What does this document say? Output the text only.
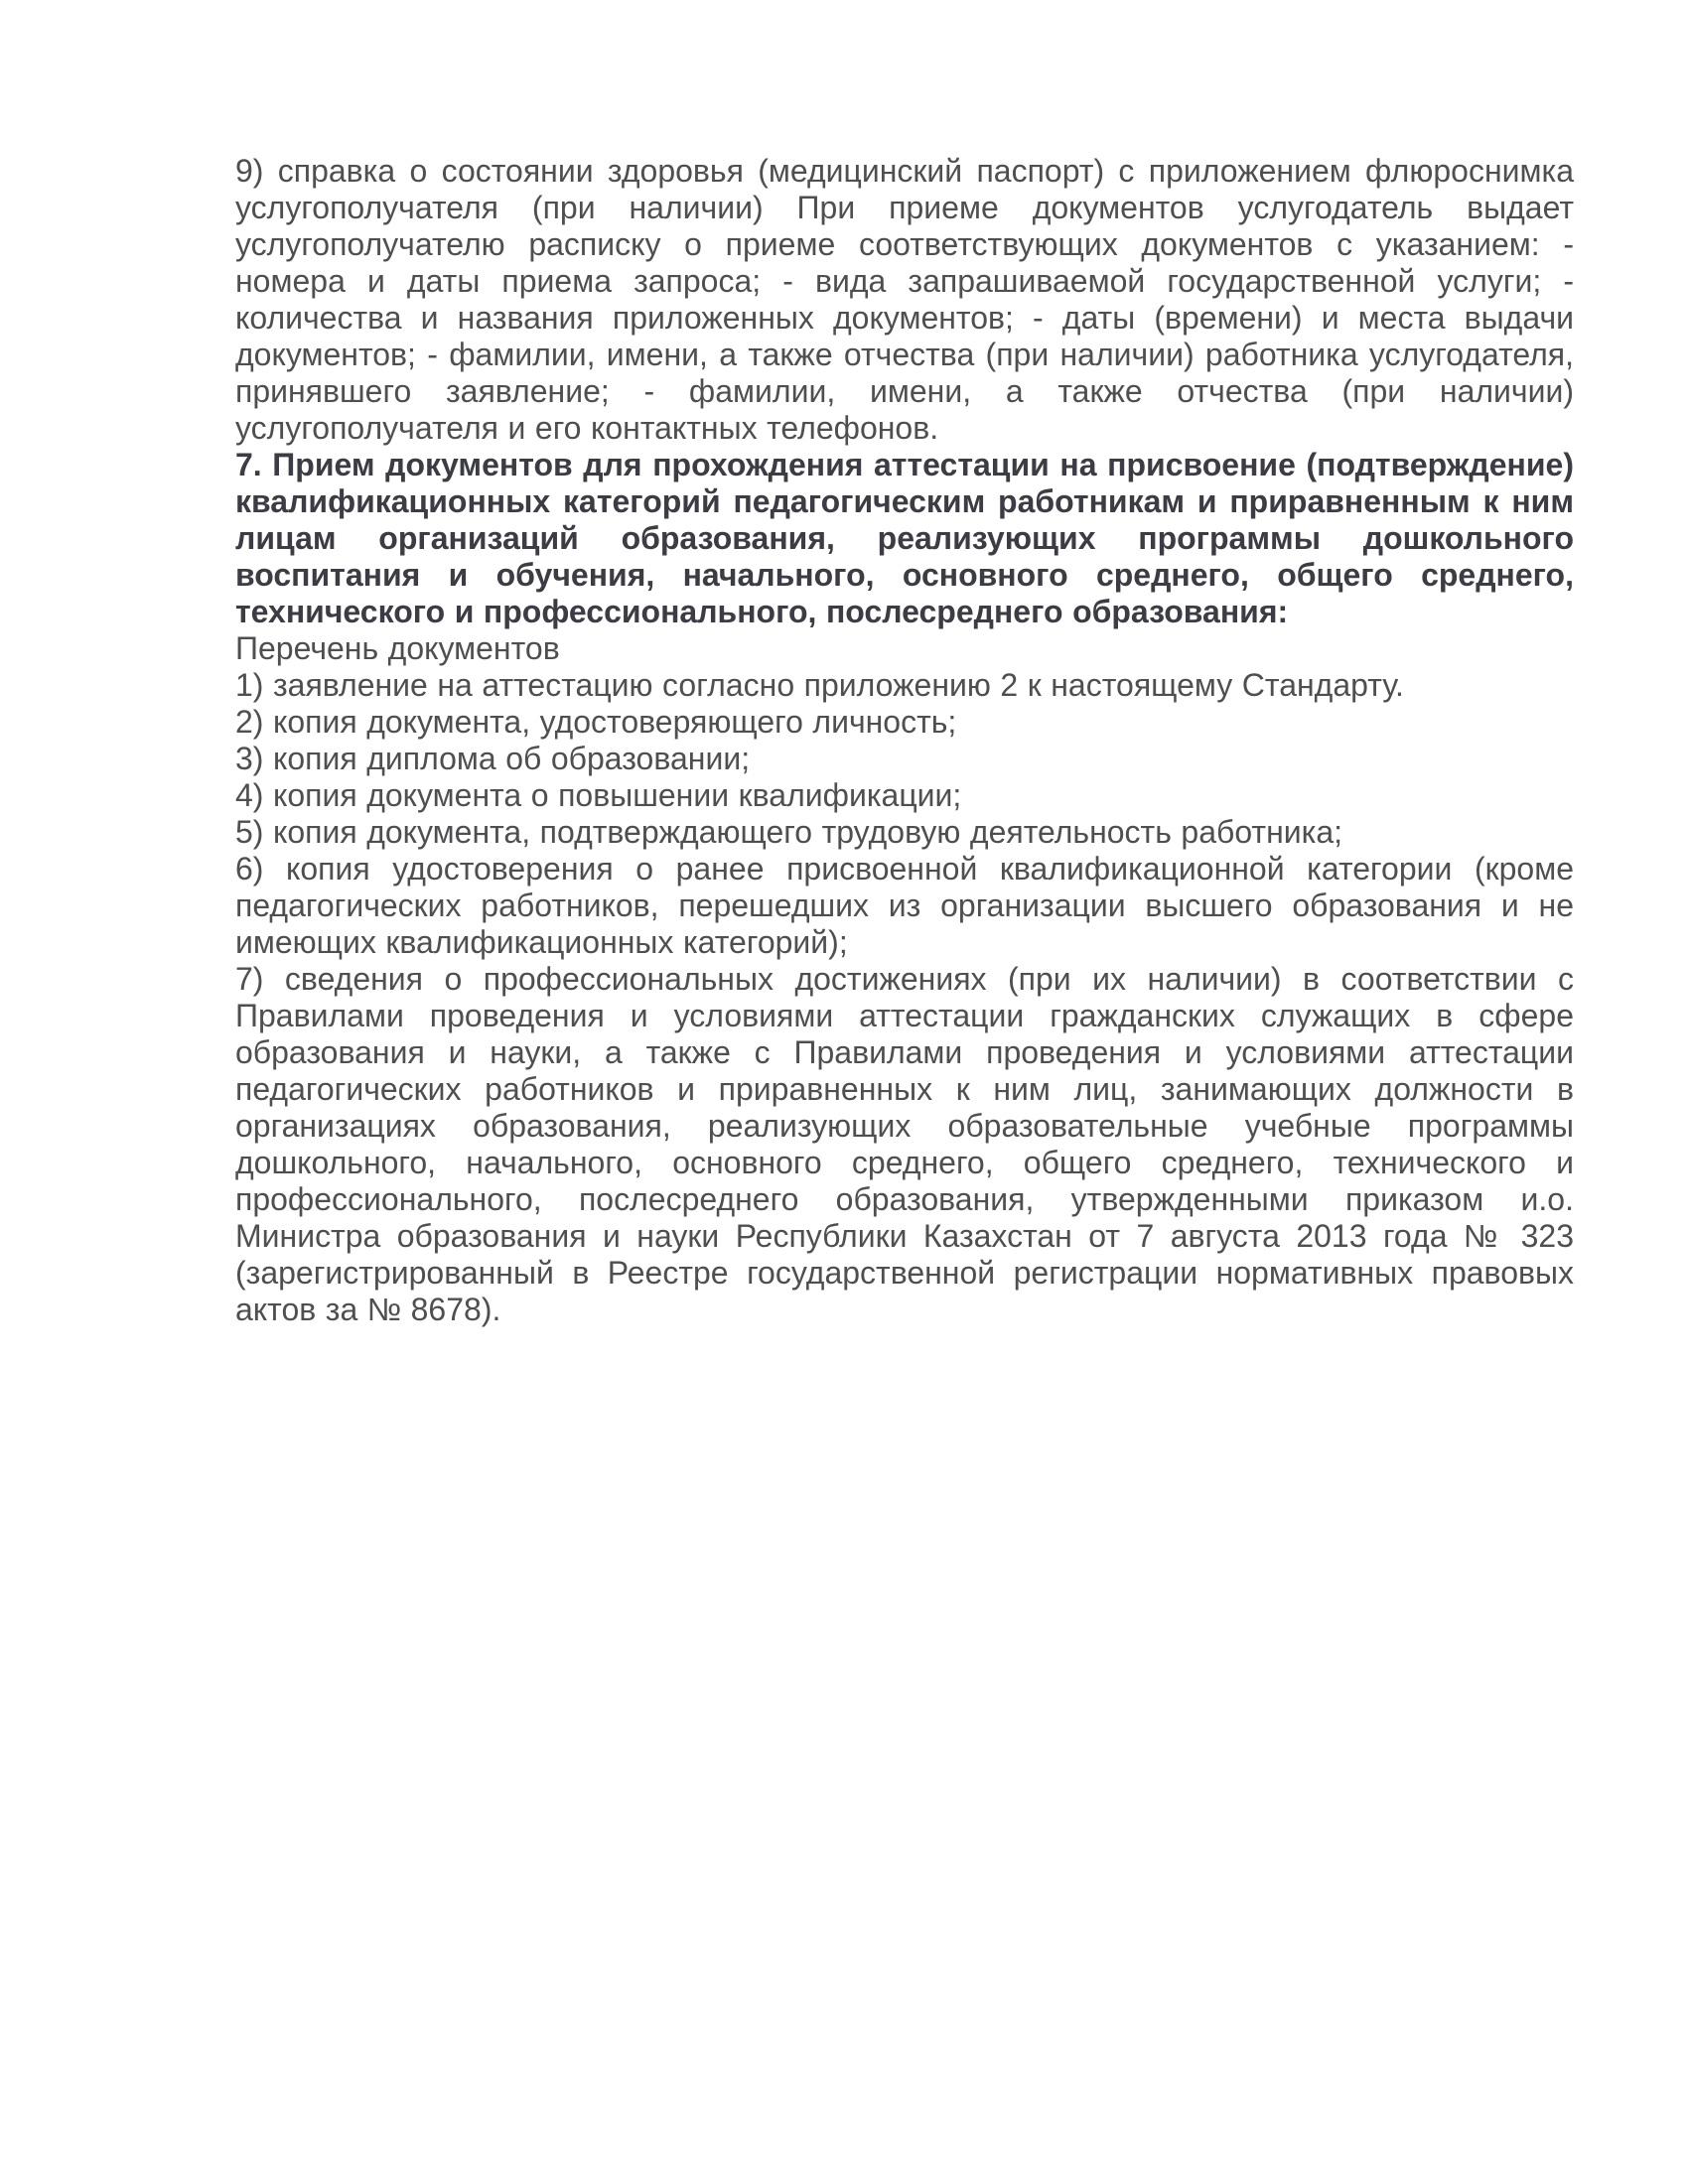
9) справка о состоянии здоровья (медицинский паспорт) с приложением флюроснимка услугополучателя (при наличии) При приеме документов услугодатель выдает услугополучателю расписку о приеме соответствующих документов с указанием: - номера и даты приема запроса; - вида запрашиваемой государственной услуги; - количества и названия приложенных документов; - даты (времени) и места выдачи документов; - фамилии, имени, а также отчества (при наличии) работника услугодателя, принявшего заявление; - фамилии, имени, а также отчества (при наличии) услугополучателя и его контактных телефонов.

7. Прием документов для прохождения аттестации на присвоение (подтверждение) квалификационных категорий педагогическим работникам и приравненным к ним лицам организаций образования, реализующих программы дошкольного воспитания и обучения, начального, основного среднего, общего среднего, технического и профессионального, послесреднего образования:

Перечень документов

1) заявление на аттестацию согласно приложению 2 к настоящему Стандарту.

2) копия документа, удостоверяющего личность;

3) копия диплома об образовании;

4) копия документа о повышении квалификации;

5) копия документа, подтверждающего трудовую деятельность работника;

6) копия удостоверения о ранее присвоенной квалификационной категории (кроме педагогических работников, перешедших из организации высшего образования и не имеющих квалификационных категорий);

7) сведения о профессиональных достижениях (при их наличии) в соответствии с Правилами проведения и условиями аттестации гражданских служащих в сфере образования и науки, а также с Правилами проведения и условиями аттестации педагогических работников и приравненных к ним лиц, занимающих должности в организациях образования, реализующих образовательные учебные программы дошкольного, начального, основного среднего, общего среднего, технического и профессионального, послесреднего образования, утвержденными приказом и.о. Министра образования и науки Республики Казахстан от 7 августа 2013 года № 323 (зарегистрированный в Реестре государственной регистрации нормативных правовых актов за № 8678).
